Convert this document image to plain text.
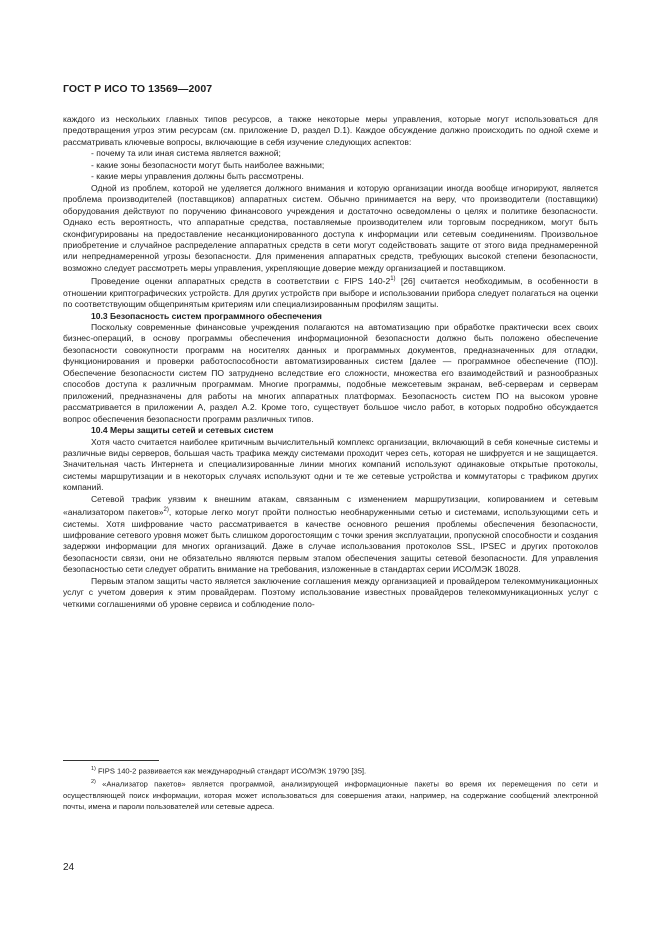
ГОСТ Р ИСО ТО 13569—2007

каждого из нескольких главных типов ресурсов, а также некоторые меры управления, которые могут использоваться для предотвращения угроз этим ресурсам (см. приложение D, раздел D.1). Каждое обсуждение должно происходить по одной схеме и рассматривать ключевые вопросы, включающие в себя изучение следующих аспектов:

- почему та или иная система является важной;

- какие зоны безопасности могут быть наиболее важными;

- какие меры управления должны быть рассмотрены.

Одной из проблем, которой не уделяется должного внимания и которую организации иногда вообще игнорируют, является проблема производителей (поставщиков) аппаратных систем. Обычно принимается на веру, что производители (поставщики) оборудования действуют по поручению финансового учреждения и достаточно осведомлены о целях и политике безопасности. Однако есть вероятность, что аппаратные средства, поставляемые производителем или торговым посредником, могут быть сконфигурированы на предоставление несанкционированного доступа к информации или сетевым соединениям. Произвольное приобретение и случайное распределение аппаратных средств в сети могут содействовать защите от этого вида преднамеренной или непреднамеренной угрозы безопасности. Для применения аппаратных средств, требующих высокой степени безопасности, возможно следует рассмотреть меры управления, укрепляющие доверие между организацией и поставщиком.

Проведение оценки аппаратных средств в соответствии с FIPS 140-2$^{1)}$ [26] считается необходимым, в особенности в отношении криптографических устройств. Для других устройств при выборе и использовании прибора следует полагаться на оценки по соответствующим общепринятым критериям или специализированным профилям защиты.

10.3 Безопасность систем программного обеспечения

Поскольку современные финансовые учреждения полагаются на автоматизацию при обработке практически всех своих бизнес-операций, в основу программы обеспечения информационной безопасности должно быть положено обеспечение безопасности совокупности программ на носителях данных и программных документов, предназначенных для отладки, функционирования и проверки работоспособности автоматизированных систем [далее — программное обеспечение (ПО)]. Обеспечение безопасности систем ПО затруднено вследствие его сложности, множества его взаимодействий и разнообразных способов доступа к различным программам. Многие программы, подобные межсетевым экранам, веб-серверам и серверам приложений, предназначены для работы на многих аппаратных платформах. Безопасность систем ПО на высоком уровне рассматривается в приложении А, раздел А.2. Кроме того, существует большое число работ, в которых подробно обсуждается вопрос обеспечения безопасности программ различных типов.

10.4 Меры защиты сетей и сетевых систем

Хотя часто считается наиболее критичным вычислительный комплекс организации, включающий в себя конечные системы и различные виды серверов, большая часть трафика между системами проходит через сеть, которая не шифруется и не защищается. Значительная часть Интернета и специализированные линии многих компаний используют одинаковые открытые протоколы, системы маршрутизации и в некоторых случаях используют одни и те же сетевые устройства и коммутаторы с трафиком других компаний.

Сетевой трафик уязвим к внешним атакам, связанным с изменением маршрутизации, копированием и сетевым «анализатором пакетов»$^{2)}$, которые легко могут пройти полностью необнаруженными сетью и системами, использующими сеть и системы. Хотя шифрование часто рассматривается в качестве основного решения проблемы обеспечения безопасности, шифрование сетевого уровня может быть слишком дорогостоящим с точки зрения эксплуатации, пропускной способности и создания задержки информации для многих организаций. Даже в случае использования протоколов SSL, IPSEC и других протоколов безопасности связи, они не обязательно являются первым этапом обеспечения защиты сетевой безопасности. Для управления безопасностью сети следует обратить внимание на требования, изложенные в стандартах серии ИСО/МЭК 18028.

Первым этапом защиты часто является заключение соглашения между организацией и провайдером телекоммуникационных услуг с учетом доверия к этим провайдерам. Поэтому использование известных провайдеров телекоммуникационных услуг с четкими соглашениями об уровне сервиса и соблюдение поло-

$^{1)}$ FIPS 140-2 развивается как международный стандарт ИСО/МЭК 19790 [35].

$^{2)}$ «Анализатор пакетов» является программой, анализирующей информационные пакеты во время их перемещения по сети и осуществляющей поиск информации, которая может использоваться для совершения атаки, например, на содержание сообщений электронной почты, имена и пароли пользователей или сетевые адреса.

24
